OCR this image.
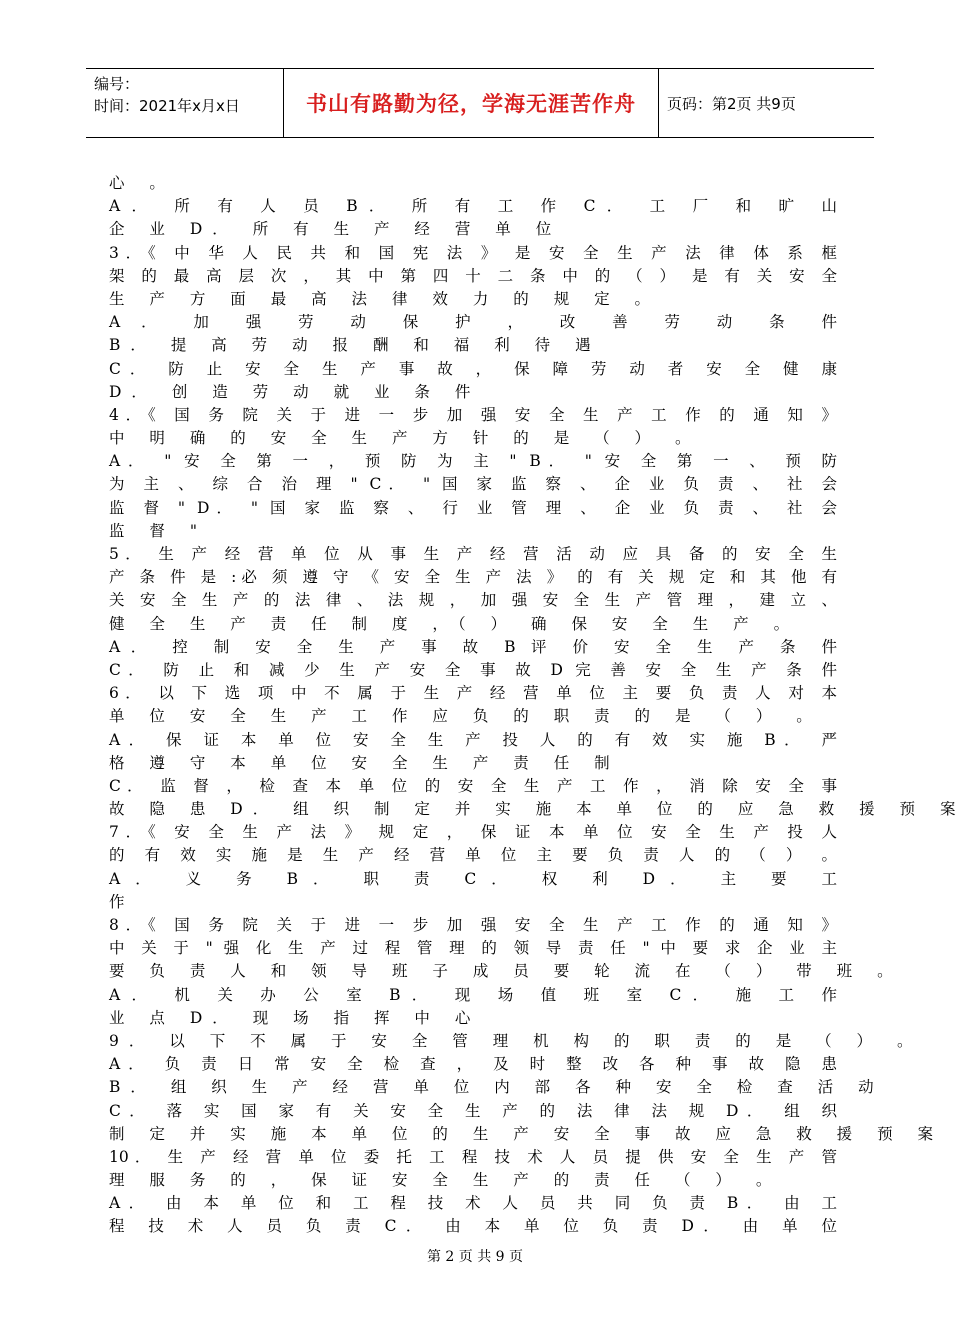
编号：
时间：2021年x月x日	书山有路勤为径，学海无涯苦作舟	页码：第2页 共9页
心 。
A． 所 有 人 员 B． 所 有 工 作 C． 工 厂 和 旷 山
企 业 D． 所 有 生 产 经 营 单 位
3．《 中 华 人 民 共 和 国 宪 法 》 是 安 全 生 产 法 律 体 系 框
架 的 最 高 层 次 ， 其 中 第 四 十 二 条 中 的 （ ） 是 有 关 安 全
生 产 方 面 最 高 法 律 效 力 的 规 定 。
A ． 加 强 劳 动 保 护 ， 改 善 劳 动 条 件
B． 提 高 劳 动 报 酬 和 福 利 待 遇
C． 防 止 安 全 生 产 事 故 ， 保 障 劳 动 者 安 全 健 康
D． 创 造 劳 动 就 业 条 件
4．《 国 务 院 关 于 进 一 步 加 强 安 全 生 产 工 作 的 通 知 》
中 明 确 的 安 全 生 产 方 针 的 是 （ ） 。
A． " 安 全 第 一 ， 预 防 为 主 " B． " 安 全 第 一 、 预 防
为 主 、 综 合 治 理 " C． " 国 家 监 察 、 企 业 负 责 、 社 会
监 督 " D． " 国 家 监 察 、 行 业 管 理 、 企 业 负 责 、 社 会
监 督 "
5． 生 产 经 营 单 位 从 事 生 产 经 营 活 动 应 具 备 的 安 全 生
产 条 件 是 :必 须 遵 守 《 安 全 生 产 法 》 的 有 关 规 定 和 其 他 有
关 安 全 生 产 的 法 律 、 法 规 ， 加 强 安 全 生 产 管 理 ， 建 立 、
健 全 生 产 责 任 制 度 ，（ ） 确 保 安 全 生 产 。
A． 控 制 安 全 生 产 事 故 B 评 价 安 全 生 产 条 件
C． 防 止 和 减 少 生 产 安 全 事 故 D 完 善 安 全 生 产 条 件
6． 以 下 选 项 中 不 属 于 生 产 经 营 单 位 主 要 负 责 人 对 本
单 位 安 全 生 产 工 作 应 负 的 职 责 的 是 （ ） 。
A． 保 证 本 单 位 安 全 生 产 投 人 的 有 效 实 施 B． 严
格 遵 守 本 单 位 安 全 生 产 责 任 制
C． 监 督 ， 检 查 本 单 位 的 安 全 生 产 工 作 ， 消 除 安 全 事
故 隐 患 D． 组 织 制 定 并 实 施 本 单 位 的 应 急 救 援 预 案
7．《 安 全 生 产 法 》 规 定 ， 保 证 本 单 位 安 全 生 产 投 人
的 有 效 实 施 是 生 产 经 营 单 位 主 要 负 责 人 的 （ ） 。
A． 义 务 B． 职 责 C． 权 利 D． 主 要 工
作
8．《 国 务 院 关 于 进 一 步 加 强 安 全 生 产 工 作 的 通 知 》
中 关 于 " 强 化 生 产 过 程 管 理 的 领 导 责 任 " 中 要 求 企 业 主
要 负 责 人 和 领 导 班 子 成 员 要 轮 流 在 （ ） 带 班 。
A． 机 关 办 公 室 B． 现 场 值 班 室 C． 施 工 作
业 点 D． 现 场 指 挥 中 心
9． 以 下 不 属 于 安 全 管 理 机 构 的 职 责 的 是 （ ） 。
A． 负 责 日 常 安 全 检 查 ， 及 时 整 改 各 种 事 故 隐 患
B． 组 织 生 产 经 营 单 位 内 部 各 种 安 全 检 查 活 动
C． 落 实 国 家 有 关 安 全 生 产 的 法 律 法 规 D． 组 织
制 定 并 实 施 本 单 位 的 生 产 安 全 事 故 应 急 救 援 预 案
10． 生 产 经 营 单 位 委 托 工 程 技 术 人 员 提 供 安 全 生 产 管
理 服 务 的 ， 保 证 安 全 生 产 的 责 任 （ ） 。
A． 由 本 单 位 和 工 程 技 术 人 员 共 同 负 责 B． 由 工
程 技 术 人 员 负 责 C． 由 本 单 位 负 责 D． 由 单 位
第 2 页 共 9 页
